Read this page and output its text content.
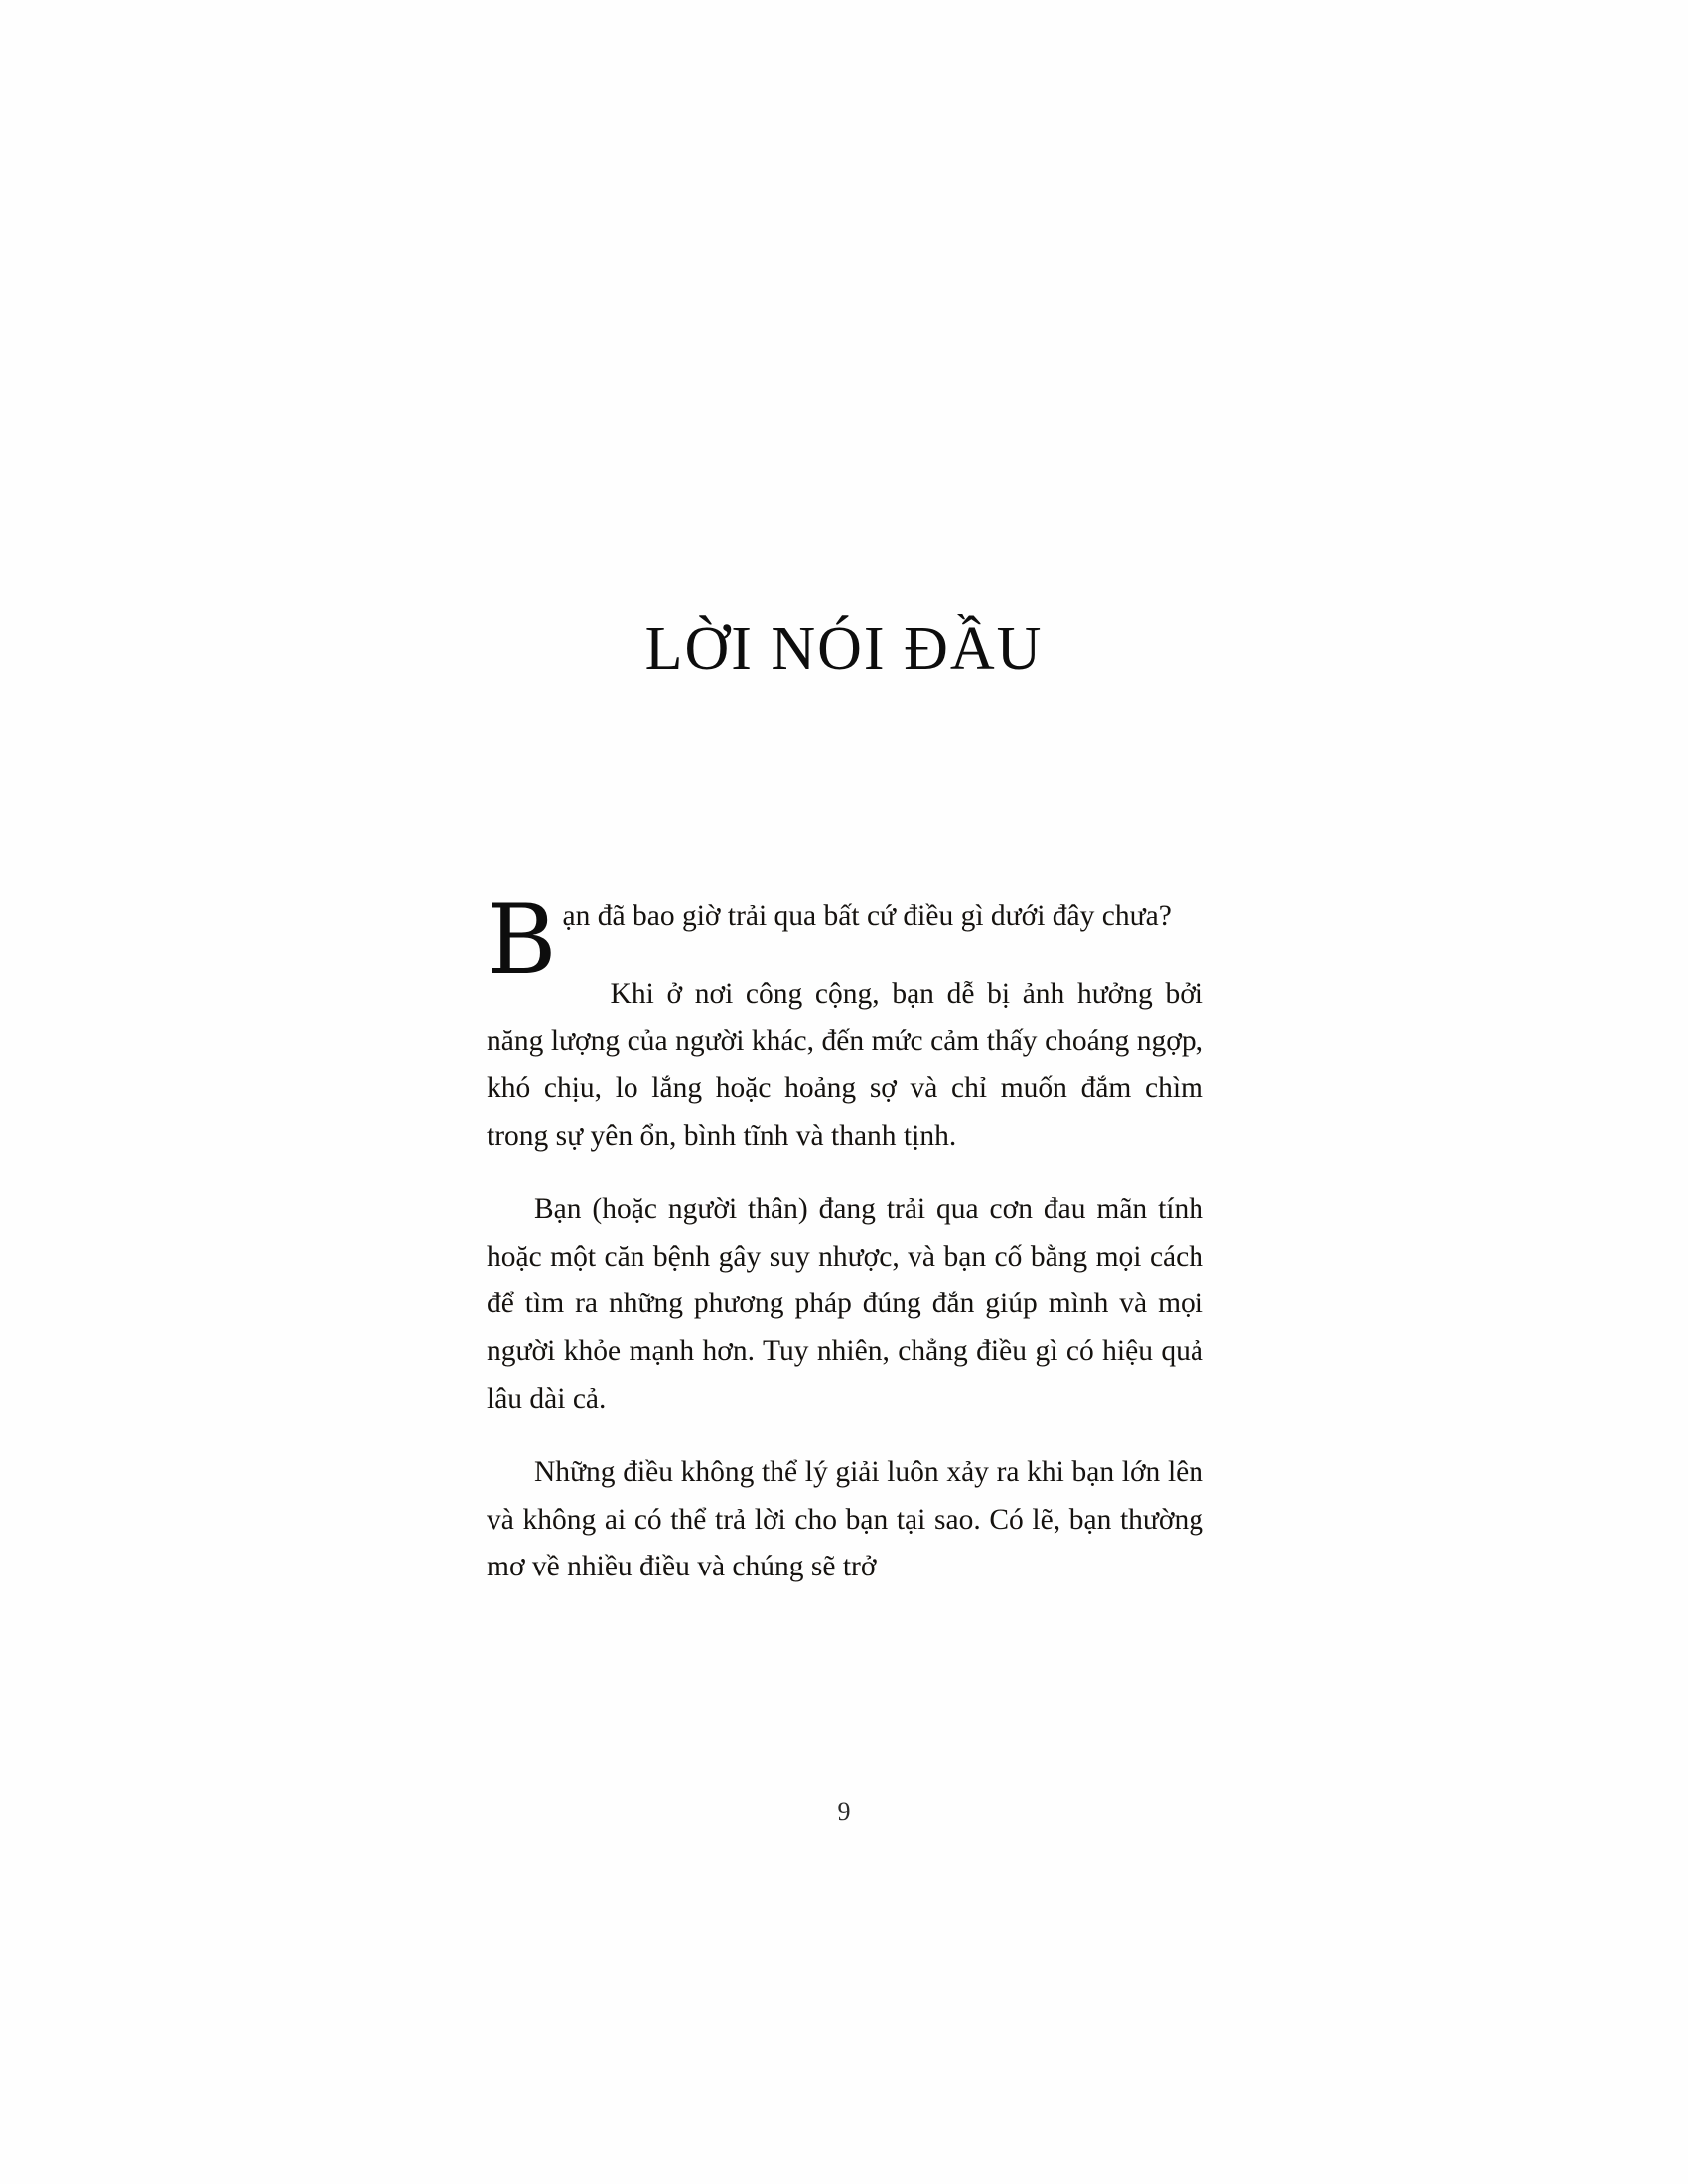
LỜI NÓI ĐẦU

Bạn đã bao giờ trải qua bất cứ điều gì dưới đây chưa?

Khi ở nơi công cộng, bạn dễ bị ảnh hưởng bởi năng lượng của người khác, đến mức cảm thấy choáng ngợp, khó chịu, lo lắng hoặc hoảng sợ và chỉ muốn đắm chìm trong sự yên ổn, bình tĩnh và thanh tịnh.

Bạn (hoặc người thân) đang trải qua cơn đau mãn tính hoặc một căn bệnh gây suy nhược, và bạn cố bằng mọi cách để tìm ra những phương pháp đúng đắn giúp mình và mọi người khỏe mạnh hơn. Tuy nhiên, chẳng điều gì có hiệu quả lâu dài cả.

Những điều không thể lý giải luôn xảy ra khi bạn lớn lên và không ai có thể trả lời cho bạn tại sao. Có lẽ, bạn thường mơ về nhiều điều và chúng sẽ trở

9
